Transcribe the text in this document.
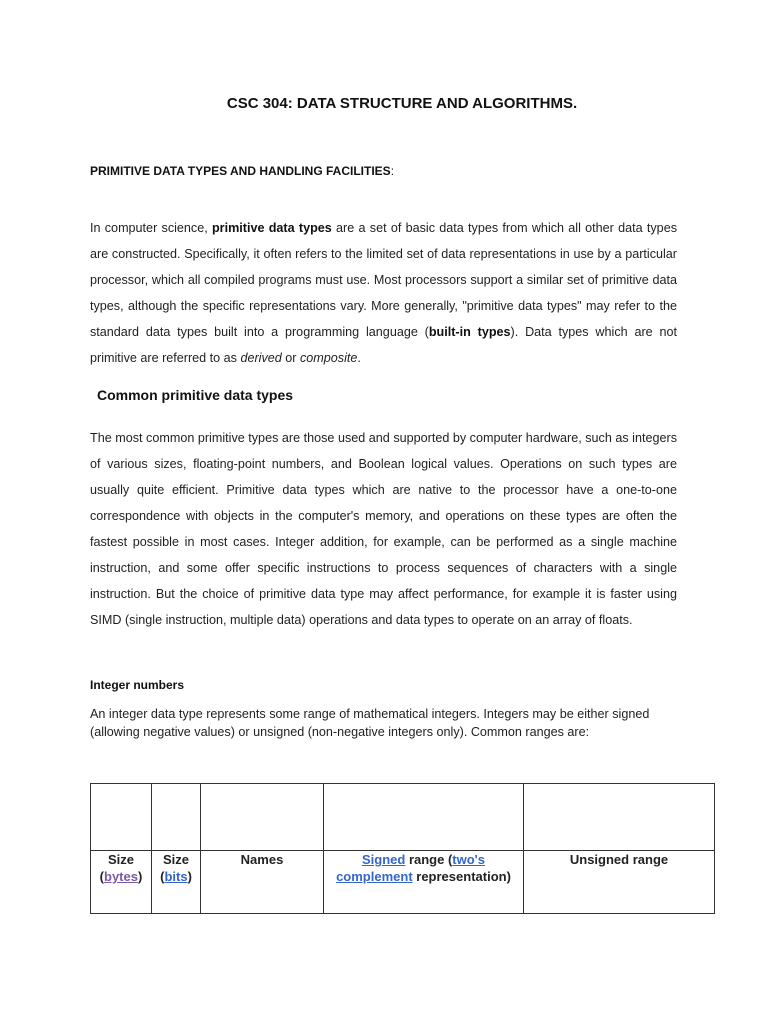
CSC 304: DATA STRUCTURE AND ALGORITHMS.
PRIMITIVE DATA TYPES AND HANDLING FACILITIES:

In computer science, primitive data types are a set of basic data types from which all other data types are constructed. Specifically, it often refers to the limited set of data representations in use by a particular processor, which all compiled programs must use. Most processors support a similar set of primitive data types, although the specific representations vary. More generally, "primitive data types" may refer to the standard data types built into a programming language (built-in types). Data types which are not primitive are referred to as derived or composite.

Common primitive data types

The most common primitive types are those used and supported by computer hardware, such as integers of various sizes, floating-point numbers, and Boolean logical values. Operations on such types are usually quite efficient. Primitive data types which are native to the processor have a one-to-one correspondence with objects in the computer's memory, and operations on these types are often the fastest possible in most cases. Integer addition, for example, can be performed as a single machine instruction, and some offer specific instructions to process sequences of characters with a single instruction. But the choice of primitive data type may affect performance, for example it is faster using SIMD (single instruction, multiple data) operations and data types to operate on an array of floats.

Integer numbers

An integer data type represents some range of mathematical integers. Integers may be either signed (allowing negative values) or unsigned (non-negative integers only). Common ranges are:

Size
(bytes)	Size
(bits)	Names	Signed range (two's complement representation)	Unsigned range
